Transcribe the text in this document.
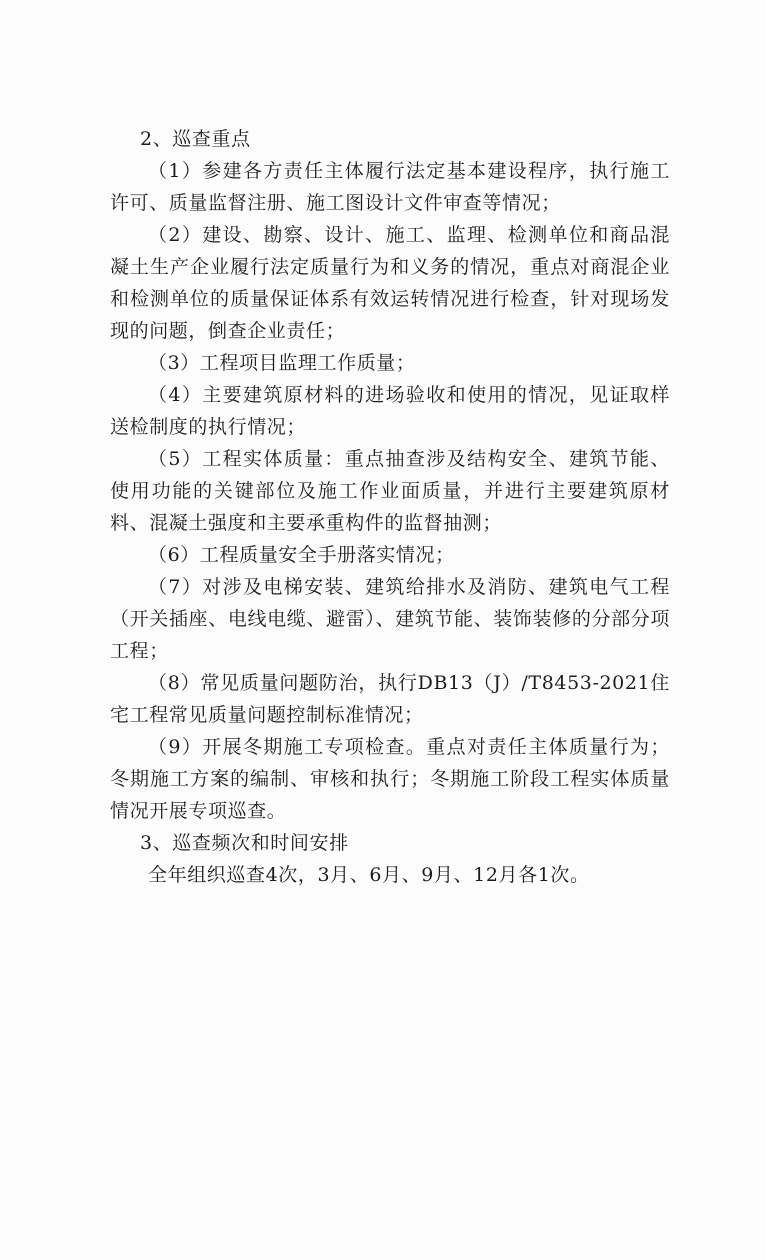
2、巡查重点

（1）参建各方责任主体履行法定基本建设程序，执行施工许可、质量监督注册、施工图设计文件审查等情况；

（2）建设、勘察、设计、施工、监理、检测单位和商品混凝土生产企业履行法定质量行为和义务的情况，重点对商混企业和检测单位的质量保证体系有效运转情况进行检查，针对现场发现的问题，倒查企业责任；

（3）工程项目监理工作质量；

（4）主要建筑原材料的进场验收和使用的情况，见证取样送检制度的执行情况；

（5）工程实体质量：重点抽查涉及结构安全、建筑节能、使用功能的关键部位及施工作业面质量，并进行主要建筑原材料、混凝土强度和主要承重构件的监督抽测；

（6）工程质量安全手册落实情况；

（7）对涉及电梯安装、建筑给排水及消防、建筑电气工程（开关插座、电线电缆、避雷）、建筑节能、装饰装修的分部分项工程；

（8）常见质量问题防治，执行DB13（J）/T8453-2021住宅工程常见质量问题控制标准情况；

（9）开展冬期施工专项检查。重点对责任主体质量行为；冬期施工方案的编制、审核和执行；冬期施工阶段工程实体质量情况开展专项巡查。

3、巡查频次和时间安排

全年组织巡查4次，3月、6月、9月、12月各1次。
